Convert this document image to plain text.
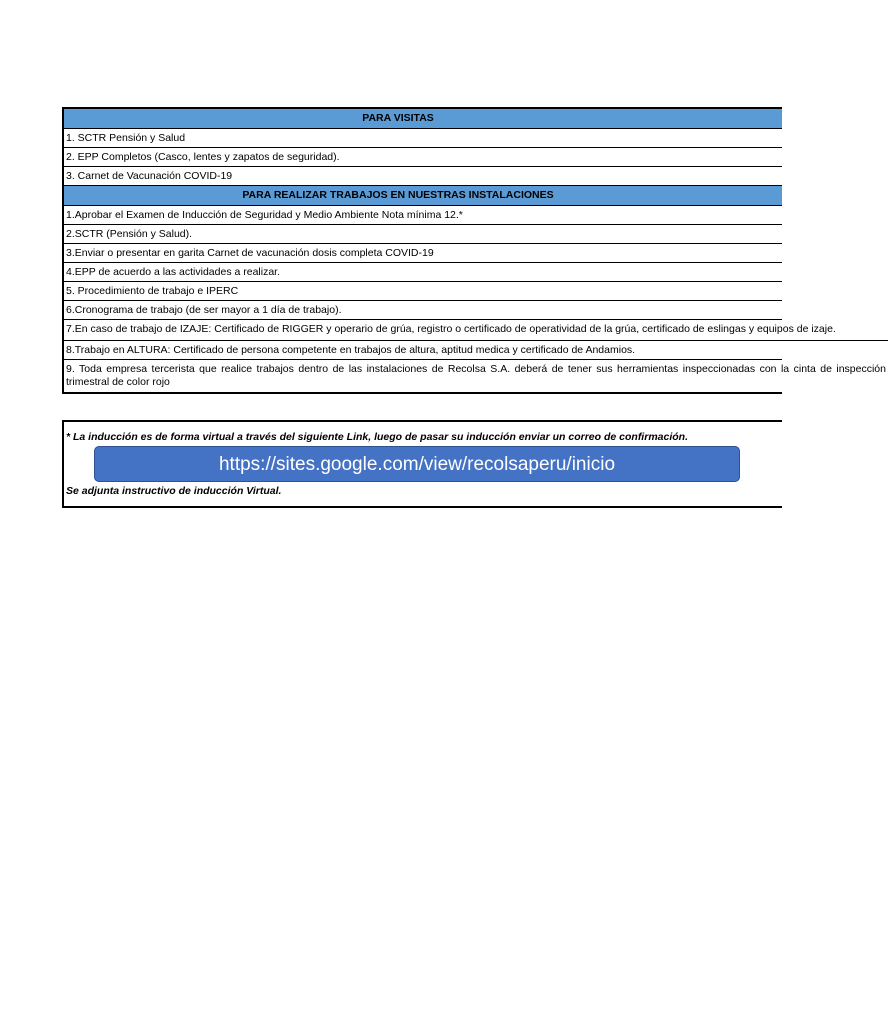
PARA VISITAS
1. SCTR Pensión y Salud
2. EPP Completos (Casco, lentes y zapatos de seguridad).
3. Carnet de Vacunación COVID-19
PARA REALIZAR TRABAJOS EN NUESTRAS INSTALACIONES
1.Aprobar el Examen de Inducción de Seguridad y Medio Ambiente Nota mínima 12.*
2.SCTR (Pensión y Salud).
3.Enviar o presentar en garita Carnet de vacunación dosis completa COVID-19
4.EPP de acuerdo a las actividades a realizar.
5. Procedimiento de trabajo e IPERC
6.Cronograma de trabajo (de ser mayor a 1 día de trabajo).
7.En caso de trabajo de IZAJE: Certificado de RIGGER y operario de grúa, registro o certificado de operatividad de la grúa, certificado de eslingas y equipos de izaje.
8.Trabajo en ALTURA: Certificado de persona competente en trabajos de altura, aptitud medica y certificado de Andamios.
9. Toda empresa tercerista que realice trabajos dentro de las instalaciones de Recolsa S.A. deberá de tener sus herramientas inspeccionadas con la cinta de inspección trimestral de color rojo
* La inducción es de forma virtual a través del siguiente Link, luego de pasar su inducción enviar un correo de confirmación.
https://sites.google.com/view/recolsaperu/inicio
Se adjunta instructivo de inducción Virtual.
